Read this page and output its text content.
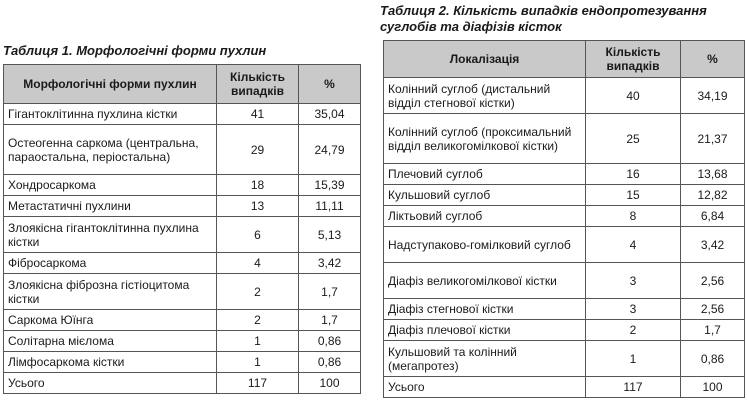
Таблиця 1. Морфологічні форми пухлин

Морфологічні форми пухлин	Кількість випадків	%
Гігантоклітинна пухлина кістки	41	35,04
Остеогенна саркома (центральна, параостальна, періостальна)	29	24,79
Хондросаркома	18	15,39
Метастатичні пухлини	13	11,11
Злоякісна гігантоклітинна пухлина кістки	6	5,13
Фібросаркома	4	3,42
Злоякісна фіброзна гістіоцитома кістки	2	1,7
Саркома Юїнга	2	1,7
Солітарна мієлома	1	0,86
Лімфосаркома кістки	1	0,86
Усього	117	100

Таблиця 2. Кількість випадків ендопротезування суглобів та діафізів кісток

Локалізація	Кількість випадків	%
Колінний суглоб (дистальний відділ стегнової кістки)	40	34,19
Колінний суглоб (проксимальний відділ великогомілкової кістки)	25	21,37
Плечовий суглоб	16	13,68
Кульшовий суглоб	15	12,82
Ліктьовий суглоб	8	6,84
Надступаково-гомілковий суглоб	4	3,42
Діафіз великогомілкової кістки	3	2,56
Діафіз стегнової кістки	3	2,56
Діафіз плечової кістки	2	1,7
Кульшовий та колінний (мегапротез)	1	0,86
Усього	117	100
